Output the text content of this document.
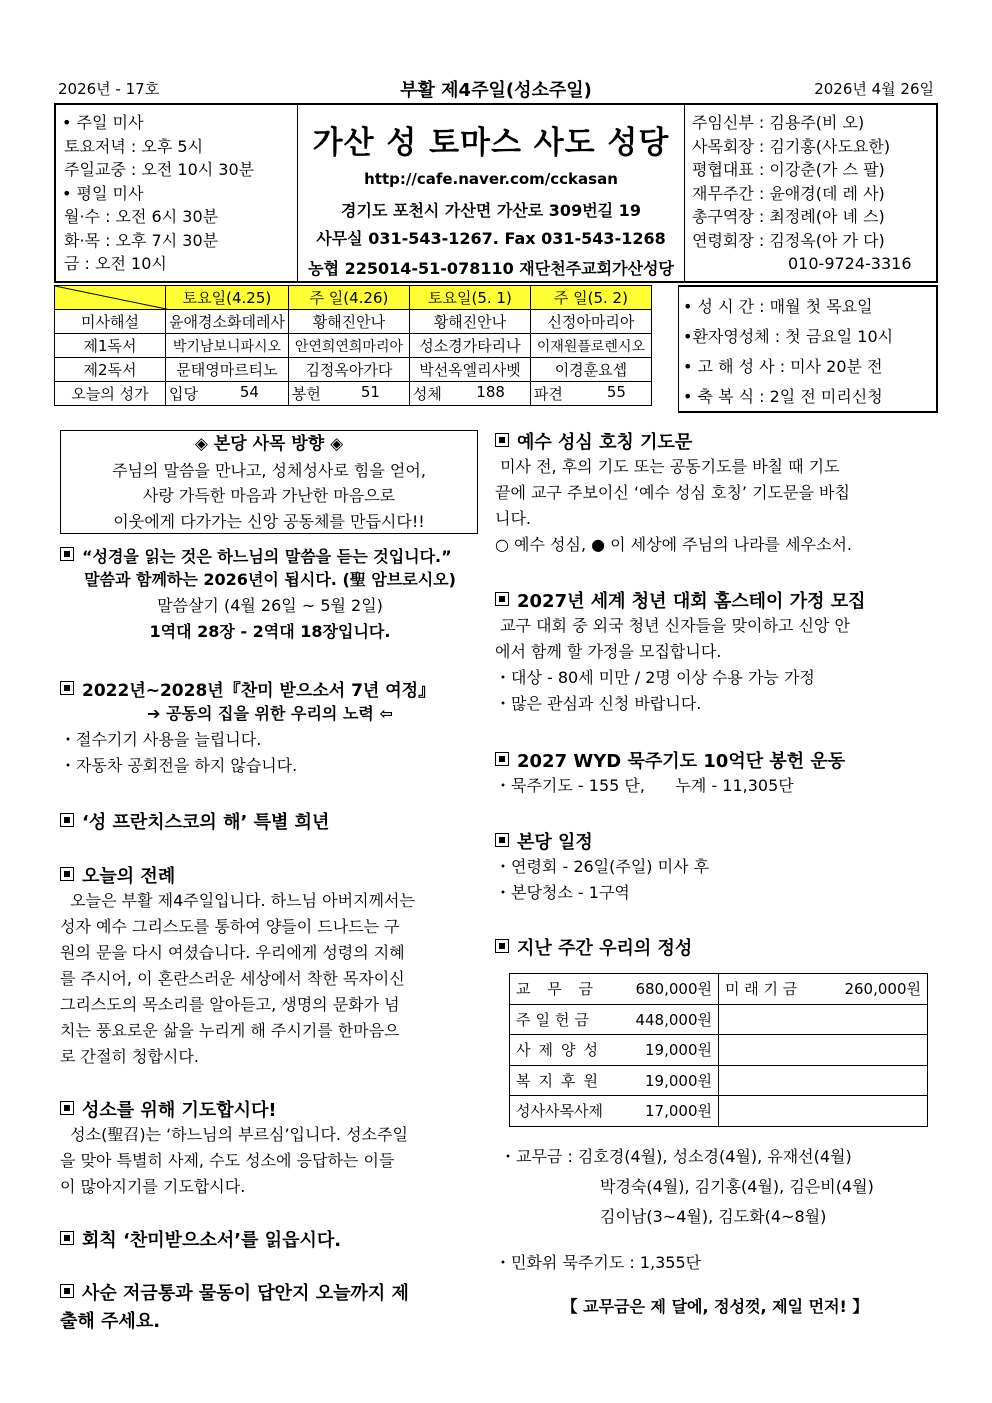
2026년 - 17호	부활 제4주일(성소주일)	2026년 4월 26일
• 주일 미사
토요저녁 : 오후 5시
주일교중 : 오전 10시 30분
• 평일 미사
월·수 : 오전 6시 30분
화·목 : 오후 7시 30분
금 : 오전 10시
가산 성 토마스 사도 성당
http://cafe.naver.com/cckasan
경기도 포천시 가산면 가산로 309번길 19
사무실 031-543-1267. Fax 031-543-1268
농협 225014-51-078110 재단천주교회가산성당
주임신부 : 김용주(비 오)
사목회장 : 김기홍(사도요한)
평협대표 : 이강춘(가 스 팔)
재무주간 : 윤애경(데 레 사)
총구역장 : 최정례(아 녜 스)
연령회장 : 김정옥(아 가 다)
010-9724-3316
	토요일(4.25)	주 일(4.26)	토요일(5. 1)	주 일(5. 2)
미사해설	윤애경소화데레사	황해진안나	황해진안나	신정아마리아
제1독서	박기남보니파시오	안연희연희마리아	성소경가타리나	이재원플로렌시오
제2독서	문태영마르티노	김정옥아가다	박선옥엘리사벳	이경훈요셉
오늘의 성가	입당 54	봉헌 51	성체 188	파견 55
• 성 시 간 : 매월 첫 목요일
•환자영성체 : 첫 금요일 10시
• 고 해 성 사 : 미사 20분 전
• 축 복 식 : 2일 전 미리신청
◈ 본당 사목 방향 ◈
주님의 말씀을 만나고, 성체성사로 힘을 얻어,
사랑 가득한 마음과 가난한 마음으로
이웃에게 다가가는 신앙 공동체를 만듭시다!!
“성경을 읽는 것은 하느님의 말씀을 듣는 것입니다.”
말씀과 함께하는 2026년이 됩시다. (聖 암브로시오)
말씀살기 (4월 26일 ~ 5월 2일)
1역대 28장 - 2역대 18장입니다.
2022년~2028년『찬미 받으소서 7년 여정』
➔ 공동의 집을 위한 우리의 노력 ⇦
・절수기기 사용을 늘립니다.
・자동차 공회전을 하지 않습니다.
‘성 프란치스코의 해’ 특별 희년
오늘의 전례
오늘은 부활 제4주일입니다. 하느님 아버지께서는
성자 예수 그리스도를 통하여 양들이 드나드는 구
원의 문을 다시 여셨습니다. 우리에게 성령의 지혜
를 주시어, 이 혼란스러운 세상에서 착한 목자이신
그리스도의 목소리를 알아듣고, 생명의 문화가 넘
치는 풍요로운 삶을 누리게 해 주시기를 한마음으
로 간절히 청합시다.
성소를 위해 기도합시다!
성소(聖召)는 ‘하느님의 부르심’입니다. 성소주일
을 맞아 특별히 사제, 수도 성소에 응답하는 이들
이 많아지기를 기도합시다.
회칙 ‘찬미받으소서’를 읽읍시다.
사순 저금통과 물동이 답안지 오늘까지 제
출해 주세요.
예수 성심 호칭 기도문
미사 전, 후의 기도 또는 공동기도를 바칠 때 기도
끝에 교구 주보이신 ‘예수 성심 호칭’ 기도문을 바칩
니다.
○ 예수 성심, ● 이 세상에 주님의 나라를 세우소서.
2027년 세계 청년 대회 홈스테이 가정 모집
교구 대회 중 외국 청년 신자들을 맞이하고 신앙 안
에서 함께 할 가정을 모집합니다.
・대상 - 80세 미만 / 2명 이상 수용 가능 가정
・많은 관심과 신청 바랍니다.
2027 WYD 묵주기도 10억단 봉헌 운동
・묵주기도 - 155 단,      누계 - 11,305단
본당 일정
・연령회 - 26일(주일) 미사 후
・본당청소 - 1구역
지난 주간 우리의 정성
교 무 금 680,000원	미 래 기 금 260,000원

주일헌금 448,000원	

사제양성 19,000원	

복지후원 19,000원	

성사사목사제 17,000원	

・교무금 : 김호경(4월), 성소경(4월), 유재선(4월)
박경숙(4월), 김기홍(4월), 김은비(4월)
김이남(3~4월), 김도화(4~8월)
・민화위 묵주기도 : 1,355단
【 교무금은 제 달에, 정성껏, 제일 먼저! 】
